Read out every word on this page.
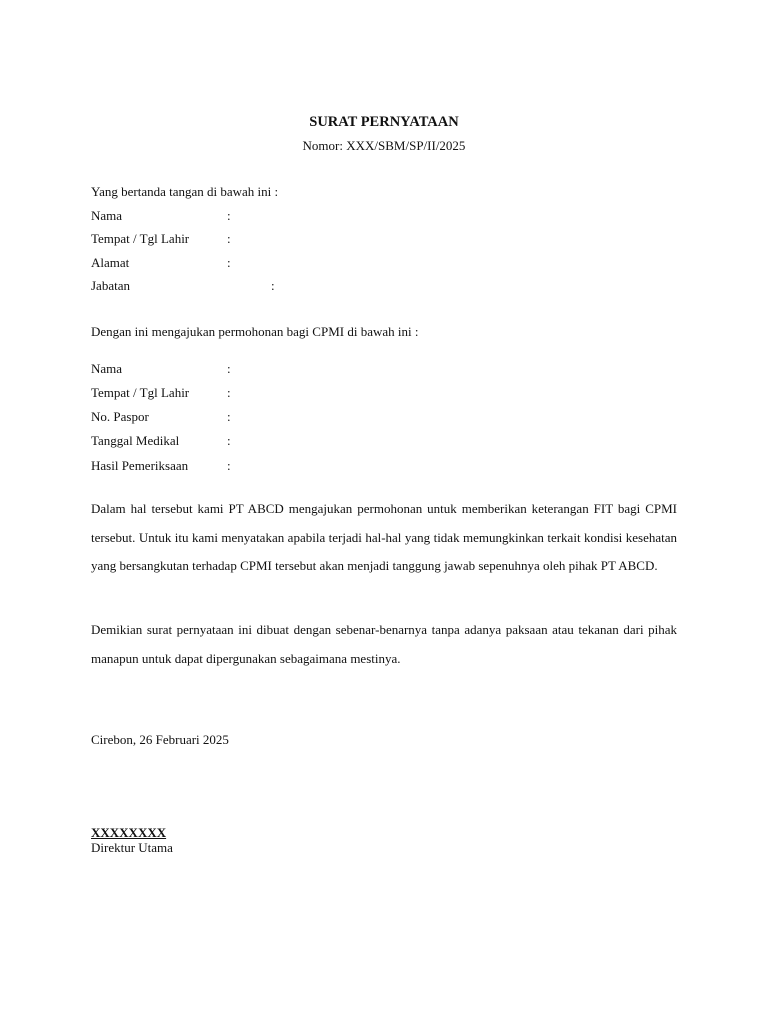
SURAT PERNYATAAN
Nomor: XXX/SBM/SP/II/2025
Yang bertanda tangan di bawah ini :
Nama	:
Tempat / Tgl Lahir	:
Alamat	:
Jabatan	:
Dengan ini mengajukan permohonan bagi CPMI di bawah ini :
Nama	:
Tempat / Tgl Lahir	:
No. Paspor	:
Tanggal Medikal	:
Hasil Pemeriksaan	:

Dalam hal tersebut kami PT ABCD mengajukan permohonan untuk memberikan keterangan FIT bagi CPMI tersebut. Untuk itu kami menyatakan apabila terjadi hal-hal yang tidak memungkinkan terkait kondisi kesehatan yang bersangkutan terhadap CPMI tersebut akan menjadi tanggung jawab sepenuhnya oleh pihak PT ABCD.

Demikian surat pernyataan ini dibuat dengan sebenar-benarnya tanpa adanya paksaan atau tekanan dari pihak manapun untuk dapat dipergunakan sebagaimana mestinya.

Cirebon, 26 Februari 2025
XXXXXXXX
Direktur Utama
